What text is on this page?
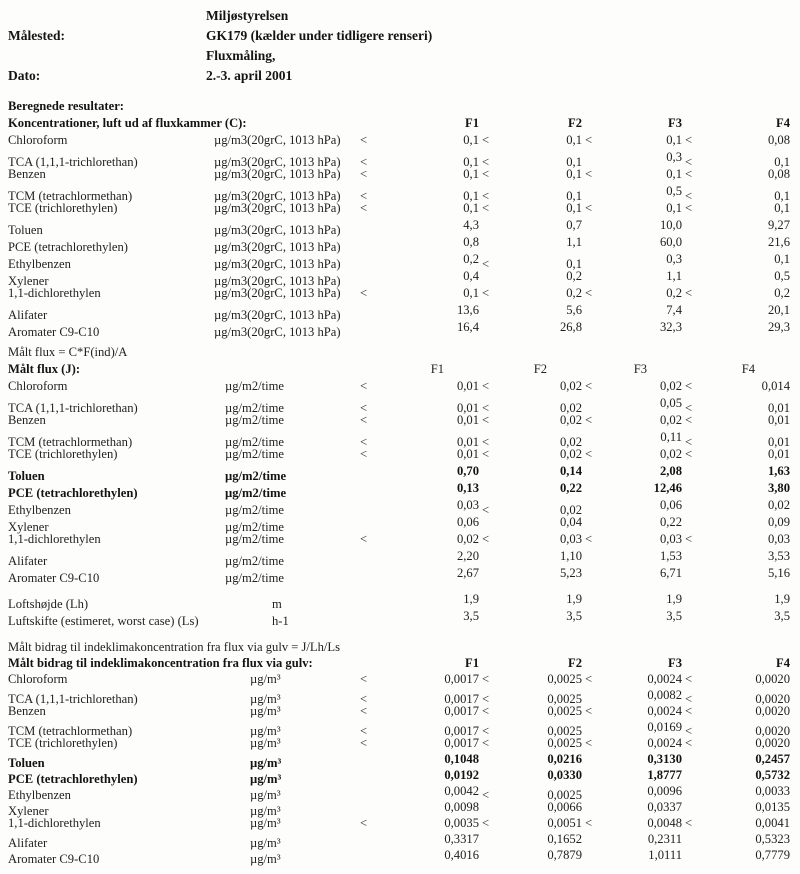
Miljøstyrelsen
Målested:	GK179 (kælder under tidligere renseri)
Fluxmåling,
Dato:	2.-3. april 2001
Beregnede resultater:
Koncentrationer, luft ud af fluxkammer (C):	F1	F2	F3	F4
Chloroform	µg/m3(20grC, 1013 hPa)	<	0,1 <	0,1 <	0,1 <	0,08
TCA (1,1,1-trichlorethan)	µg/m3(20grC, 1013 hPa)	<	0,1 <	0,1	0,3 <	0,1
Benzen	µg/m3(20grC, 1013 hPa)	<	0,1 <	0,1 <	0,1 <	0,08
TCM (tetrachlormethan)	µg/m3(20grC, 1013 hPa)	<	0,1 <	0,1	0,5 <	0,1
TCE (trichlorethylen)	µg/m3(20grC, 1013 hPa)	<	0,1 <	0,1 <	0,1 <	0,1
Toluen	µg/m3(20grC, 1013 hPa)	4,3	0,7	10,0	9,27
PCE (tetrachlorethylen)	µg/m3(20grC, 1013 hPa)	0,8	1,1	60,0	21,6
Ethylbenzen	µg/m3(20grC, 1013 hPa)	0,2 <	0,1	0,3	0,1
Xylener	µg/m3(20grC, 1013 hPa)	0,4	0,2	1,1	0,5
1,1-dichlorethylen	µg/m3(20grC, 1013 hPa)	<	0,1 <	0,2 <	0,2 <	0,2
Alifater	µg/m3(20grC, 1013 hPa)	13,6	5,6	7,4	20,1
Aromater C9-C10	µg/m3(20grC, 1013 hPa)	16,4	26,8	32,3	29,3
Målt flux = C*F(ind)/A
Målt flux (J):	F1	F2	F3	F4
Chloroform	µg/m2/time	<	0,01 <	0,02 <	0,02 <	0,014
TCA (1,1,1-trichlorethan)	µg/m2/time	<	0,01 <	0,02	0,05 <	0,01
Benzen	µg/m2/time	<	0,01 <	0,02 <	0,02 <	0,01
TCM (tetrachlormethan)	µg/m2/time	<	0,01 <	0,02	0,11 <	0,01
TCE (trichlorethylen)	µg/m2/time	<	0,01 <	0,02 <	0,02 <	0,01
Toluen	µg/m2/time	0,70	0,14	2,08	1,63
PCE (tetrachlorethylen)	µg/m2/time	0,13	0,22	12,46	3,80
Ethylbenzen	µg/m2/time	0,03 <	0,02	0,06	0,02
Xylener	µg/m2/time	0,06	0,04	0,22	0,09
1,1-dichlorethylen	µg/m2/time	<	0,02 <	0,03 <	0,03 <	0,03
Alifater	µg/m2/time	2,20	1,10	1,53	3,53
Aromater C9-C10	µg/m2/time	2,67	5,23	6,71	5,16
Loftshøjde (Lh)	m	1,9	1,9	1,9	1,9
Luftskifte (estimeret, worst case) (Ls)	h-1	3,5	3,5	3,5	3,5
Målt bidrag til indeklimakoncentration fra flux via gulv = J/Lh/Ls
Målt bidrag til indeklimakoncentration fra flux via gulv:	F1	F2	F3	F4
Chloroform	µg/m³	<	0,0017 <	0,0025 <	0,0024 <	0,0020
TCA (1,1,1-trichlorethan)	µg/m³	<	0,0017 <	0,0025	0,0082 <	0,0020
Benzen	µg/m³	<	0,0017 <	0,0025 <	0,0024 <	0,0020
TCM (tetrachlormethan)	µg/m³	<	0,0017 <	0,0025	0,0169 <	0,0020
TCE (trichlorethylen)	µg/m³	<	0,0017 <	0,0025 <	0,0024 <	0,0020
Toluen	µg/m³	0,1048	0,0216	0,3130	0,2457
PCE (tetrachlorethylen)	µg/m³	0,0192	0,0330	1,8777	0,5732
Ethylbenzen	µg/m³	0,0042 <	0,0025	0,0096	0,0033
Xylener	µg/m³	0,0098	0,0066	0,0337	0,0135
1,1-dichlorethylen	µg/m³	<	0,0035 <	0,0051 <	0,0048 <	0,0041
Alifater	µg/m³	0,3317	0,1652	0,2311	0,5323
Aromater C9-C10	µg/m³	0,4016	0,7879	1,0111	0,7779
